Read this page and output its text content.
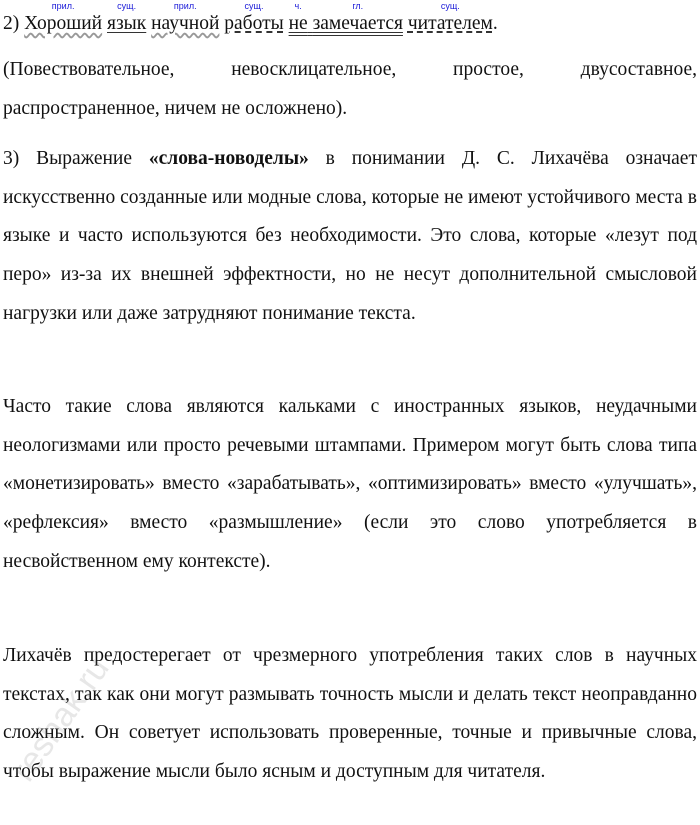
2)
прил.
Хороший
сущ.
язык
прил.
научной
сущ.
работы
ч.
не
гл.
замечается
сущ.
читателем.
(Повествовательное, невосклицательное, простое, двусоставное, распространенное, ничем не осложнено).
3) Выражение «слова-новоделы» в понимании Д. С. Лихачёва означает искусственно созданные или модные слова, которые не имеют устойчивого места в языке и часто используются без необходимости. Это слова, которые «лезут под перо» из-за их внешней эффектности, но не несут дополнительной смысловой нагрузки или даже затрудняют понимание текста.
Часто такие слова являются кальками с иностранных языков, неудачными неологизмами или просто речевыми штампами. Примером могут быть слова типа «монетизировать» вместо «зарабатывать», «оптимизировать» вместо «улучшать», «рефлексия» вместо «размышление» (если это слово употребляется в несвойственном ему контексте).
Лихачёв предостерегает от чрезмерного употребления таких слов в научных текстах, так как они могут размывать точность мысли и делать текст неоправданно сложным. Он советует использовать проверенные, точные и привычные слова, чтобы выражение мысли было ясным и доступным для читателя.
reshak.ru
